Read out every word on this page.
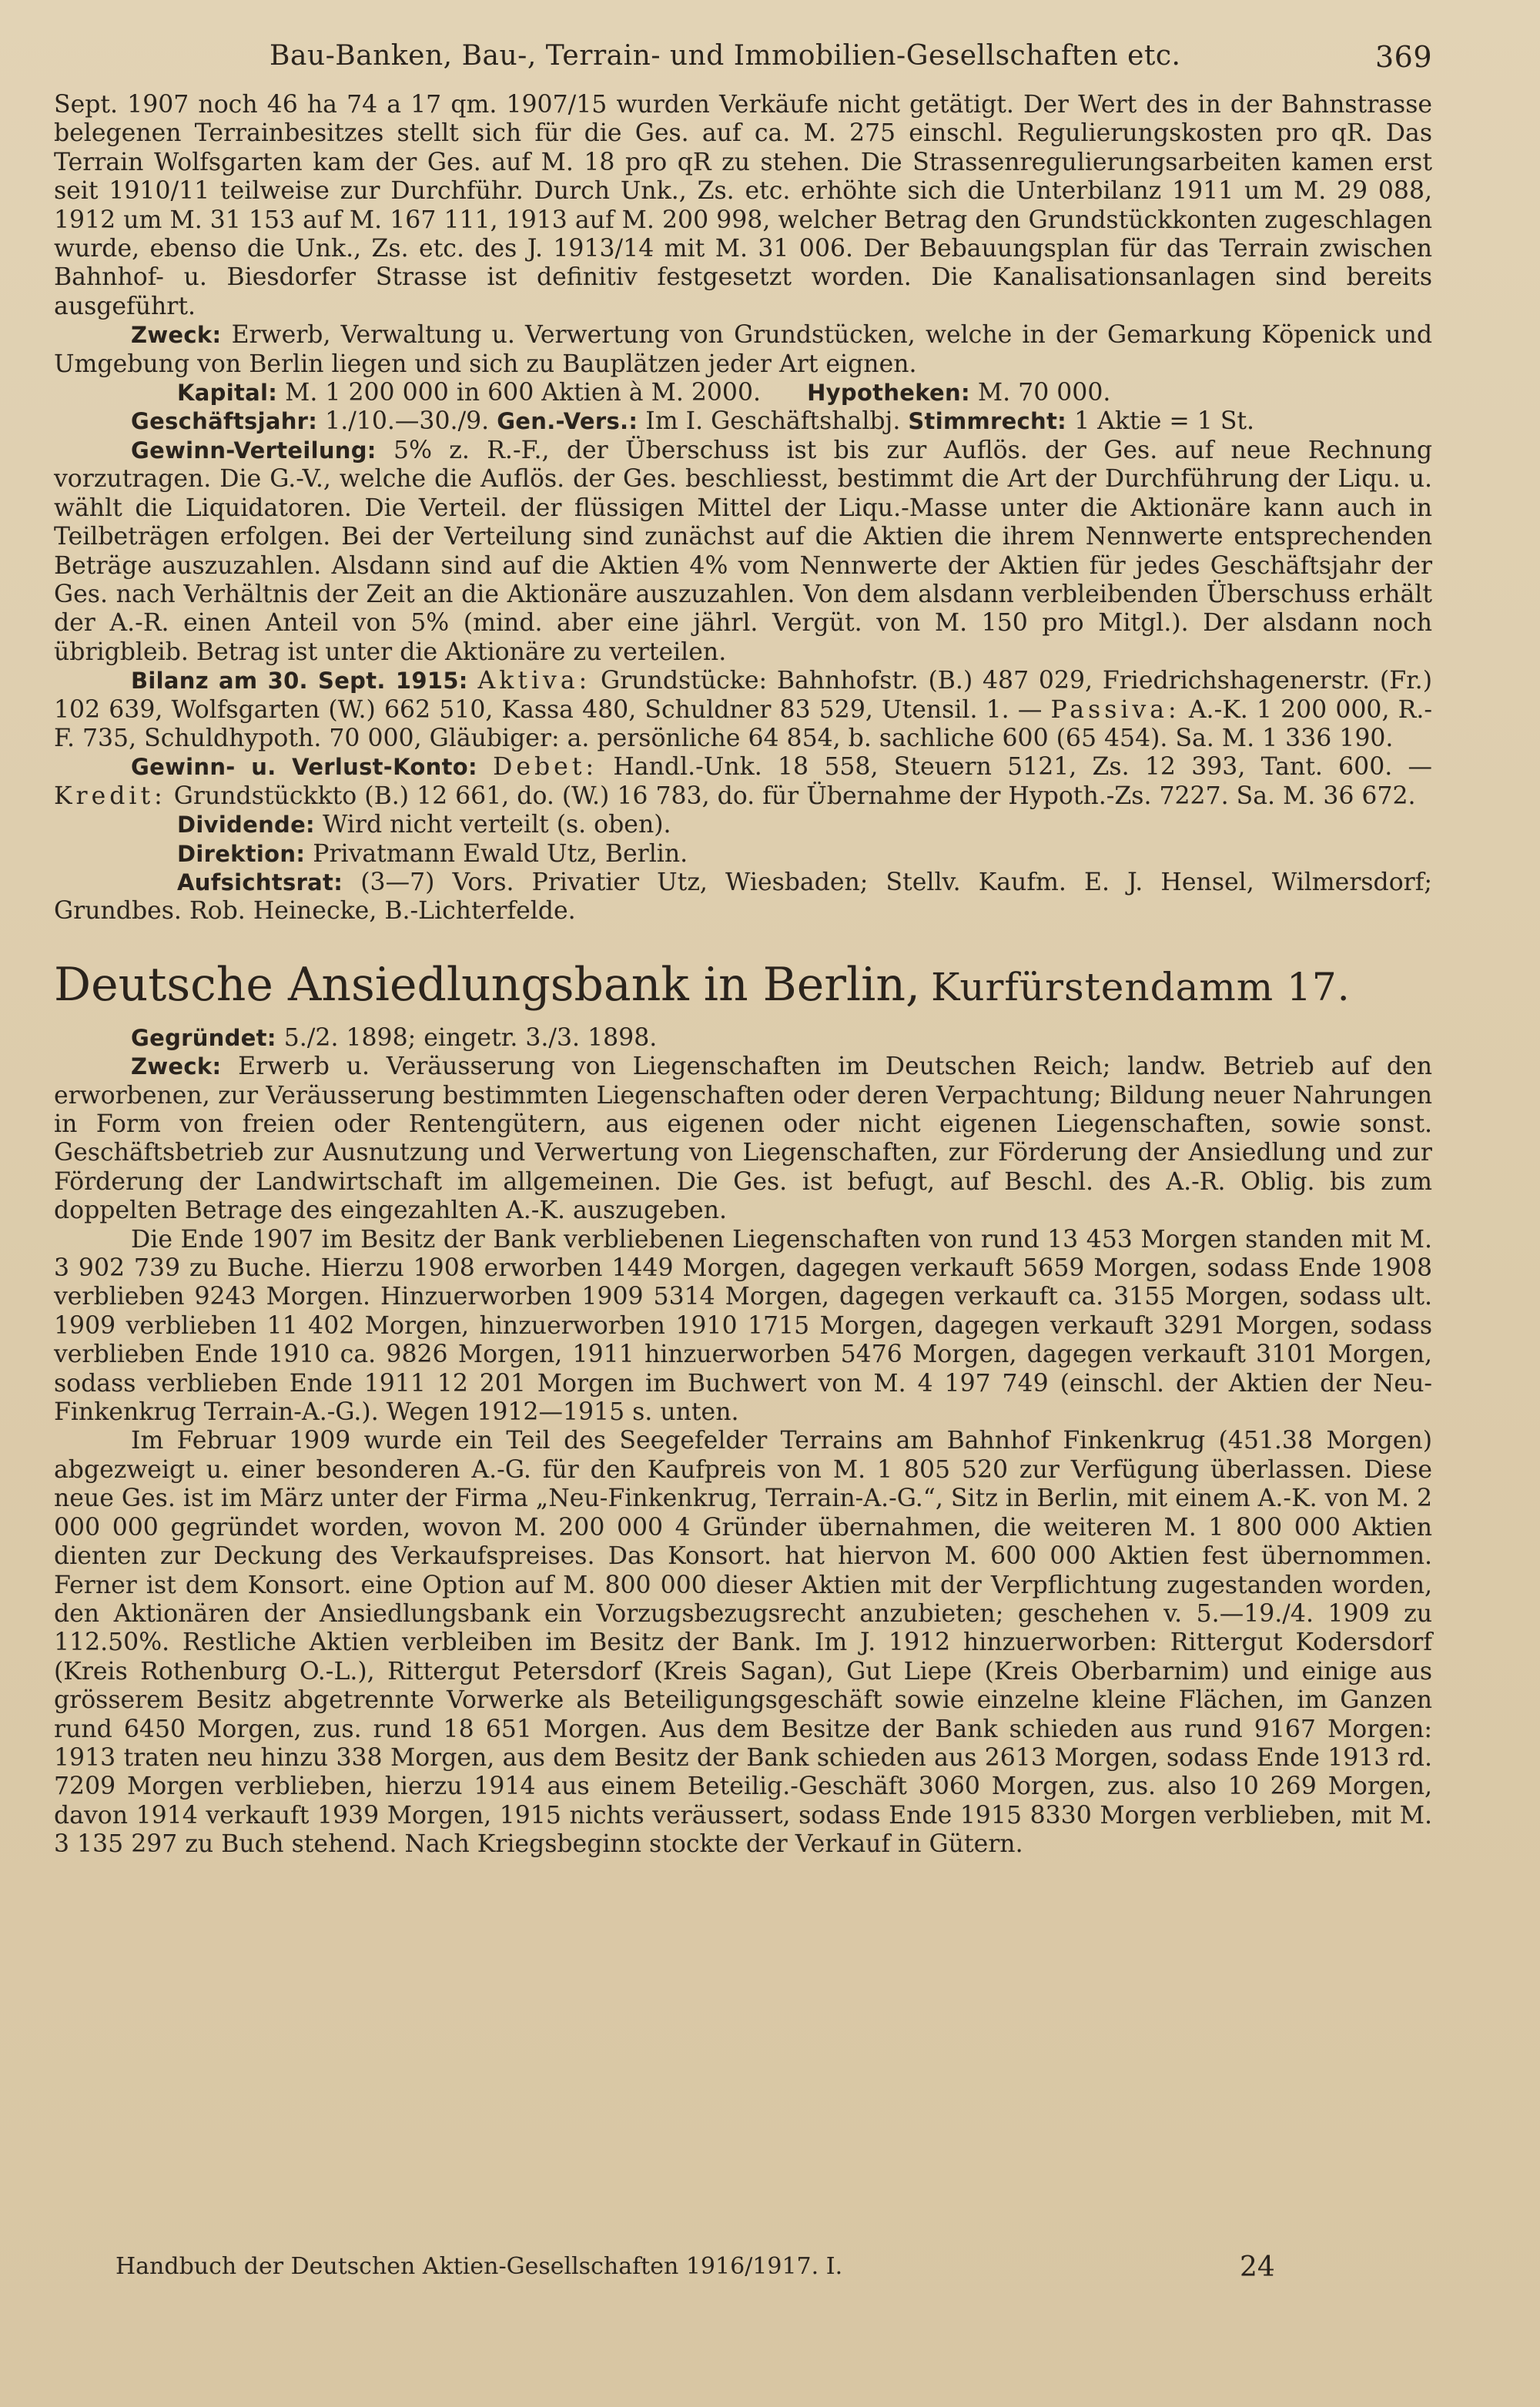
Bau-Banken, Bau-, Terrain- und Immobilien-Gesellschaften etc.	369

Sept. 1907 noch 46 ha 74 a 17 qm. 1907/15 wurden Verkäufe nicht getätigt. Der Wert des in der Bahnstrasse belegenen Terrainbesitzes stellt sich für die Ges. auf ca. M. 275 einschl. Regulierungskosten pro qR. Das Terrain Wolfsgarten kam der Ges. auf M. 18 pro qR zu stehen. Die Strassenregulierungsarbeiten kamen erst seit 1910/11 teilweise zur Durchführ. Durch Unk., Zs. etc. erhöhte sich die Unterbilanz 1911 um M. 29 088, 1912 um M. 31 153 auf M. 167 111, 1913 auf M. 200 998, welcher Betrag den Grundstückkonten zugeschlagen wurde, ebenso die Unk., Zs. etc. des J. 1913/14 mit M. 31 006. Der Bebauungsplan für das Terrain zwischen Bahnhof- u. Biesdorfer Strasse ist definitiv festgesetzt worden. Die Kanalisationsanlagen sind bereits ausgeführt.

Zweck: Erwerb, Verwaltung u. Verwertung von Grundstücken, welche in der Gemarkung Köpenick und Umgebung von Berlin liegen und sich zu Bauplätzen jeder Art eignen.

Kapital: M. 1 200 000 in 600 Aktien à M. 2000. Hypotheken: M. 70 000.

Geschäftsjahr: 1./10.—30./9. Gen.-Vers.: Im I. Geschäftshalbj. Stimmrecht: 1 Aktie = 1 St.

Gewinn-Verteilung: 5% z. R.-F., der Überschuss ist bis zur Auflös. der Ges. auf neue Rechnung vorzutragen. Die G.-V., welche die Auflös. der Ges. beschliesst, bestimmt die Art der Durchführung der Liqu. u. wählt die Liquidatoren. Die Verteil. der flüssigen Mittel der Liqu.-Masse unter die Aktionäre kann auch in Teilbeträgen erfolgen. Bei der Verteilung sind zunächst auf die Aktien die ihrem Nennwerte entsprechenden Beträge auszuzahlen. Alsdann sind auf die Aktien 4% vom Nennwerte der Aktien für jedes Geschäftsjahr der Ges. nach Verhältnis der Zeit an die Aktionäre auszuzahlen. Von dem alsdann verbleibenden Überschuss erhält der A.-R. einen Anteil von 5% (mind. aber eine jährl. Vergüt. von M. 150 pro Mitgl.). Der alsdann noch übrigbleib. Betrag ist unter die Aktionäre zu verteilen.

Bilanz am 30. Sept. 1915: Aktiva: Grundstücke: Bahnhofstr. (B.) 487 029, Friedrichshagenerstr. (Fr.) 102 639, Wolfsgarten (W.) 662 510, Kassa 480, Schuldner 83 529, Utensil. 1. — Passiva: A.-K. 1 200 000, R.-F. 735, Schuldhypoth. 70 000, Gläubiger: a. persönliche 64 854, b. sachliche 600 (65 454). Sa. M. 1 336 190.

Gewinn- u. Verlust-Konto: Debet: Handl.-Unk. 18 558, Steuern 5121, Zs. 12 393, Tant. 600. — Kredit: Grundstückkto (B.) 12 661, do. (W.) 16 783, do. für Übernahme der Hypoth.-Zs. 7227. Sa. M. 36 672.

Dividende: Wird nicht verteilt (s. oben).

Direktion: Privatmann Ewald Utz, Berlin.

Aufsichtsrat: (3—7) Vors. Privatier Utz, Wiesbaden; Stellv. Kaufm. E. J. Hensel, Wilmersdorf; Grundbes. Rob. Heinecke, B.-Lichterfelde.

Deutsche Ansiedlungsbank in Berlin, Kurfürstendamm 17.

Gegründet: 5./2. 1898; eingetr. 3./3. 1898.

Zweck: Erwerb u. Veräusserung von Liegenschaften im Deutschen Reich; landw. Betrieb auf den erworbenen, zur Veräusserung bestimmten Liegenschaften oder deren Verpachtung; Bildung neuer Nahrungen in Form von freien oder Rentengütern, aus eigenen oder nicht eigenen Liegenschaften, sowie sonst. Geschäftsbetrieb zur Ausnutzung und Verwertung von Liegenschaften, zur Förderung der Ansiedlung und zur Förderung der Landwirtschaft im allgemeinen. Die Ges. ist befugt, auf Beschl. des A.-R. Oblig. bis zum doppelten Betrage des eingezahlten A.-K. auszugeben.

Die Ende 1907 im Besitz der Bank verbliebenen Liegenschaften von rund 13 453 Morgen standen mit M. 3 902 739 zu Buche. Hierzu 1908 erworben 1449 Morgen, dagegen verkauft 5659 Morgen, sodass Ende 1908 verblieben 9243 Morgen. Hinzuerworben 1909 5314 Morgen, dagegen verkauft ca. 3155 Morgen, sodass ult. 1909 verblieben 11 402 Morgen, hinzuerworben 1910 1715 Morgen, dagegen verkauft 3291 Morgen, sodass verblieben Ende 1910 ca. 9826 Morgen, 1911 hinzuerworben 5476 Morgen, dagegen verkauft 3101 Morgen, sodass verblieben Ende 1911 12 201 Morgen im Buchwert von M. 4 197 749 (einschl. der Aktien der Neu-Finkenkrug Terrain-A.-G.). Wegen 1912—1915 s. unten.

Im Februar 1909 wurde ein Teil des Seegefelder Terrains am Bahnhof Finkenkrug (451.38 Morgen) abgezweigt u. einer besonderen A.-G. für den Kaufpreis von M. 1 805 520 zur Verfügung überlassen. Diese neue Ges. ist im März unter der Firma „Neu-Finkenkrug, Terrain-A.-G.“, Sitz in Berlin, mit einem A.-K. von M. 2 000 000 gegründet worden, wovon M. 200 000 4 Gründer übernahmen, die weiteren M. 1 800 000 Aktien dienten zur Deckung des Verkaufspreises. Das Konsort. hat hiervon M. 600 000 Aktien fest übernommen. Ferner ist dem Konsort. eine Option auf M. 800 000 dieser Aktien mit der Verpflichtung zugestanden worden, den Aktionären der Ansiedlungsbank ein Vorzugsbezugsrecht anzubieten; geschehen v. 5.—19./4. 1909 zu 112.50%. Restliche Aktien verbleiben im Besitz der Bank. Im J. 1912 hinzuerworben: Rittergut Kodersdorf (Kreis Rothenburg O.-L.), Rittergut Petersdorf (Kreis Sagan), Gut Liepe (Kreis Oberbarnim) und einige aus grösserem Besitz abgetrennte Vorwerke als Beteiligungsgeschäft sowie einzelne kleine Flächen, im Ganzen rund 6450 Morgen, zus. rund 18 651 Morgen. Aus dem Besitze der Bank schieden aus rund 9167 Morgen: 1913 traten neu hinzu 338 Morgen, aus dem Besitz der Bank schieden aus 2613 Morgen, sodass Ende 1913 rd. 7209 Morgen verblieben, hierzu 1914 aus einem Beteilig.-Geschäft 3060 Morgen, zus. also 10 269 Morgen, davon 1914 verkauft 1939 Morgen, 1915 nichts veräussert, sodass Ende 1915 8330 Morgen verblieben, mit M. 3 135 297 zu Buch stehend. Nach Kriegsbeginn stockte der Verkauf in Gütern.

Handbuch der Deutschen Aktien-Gesellschaften 1916/1917. I.	24
